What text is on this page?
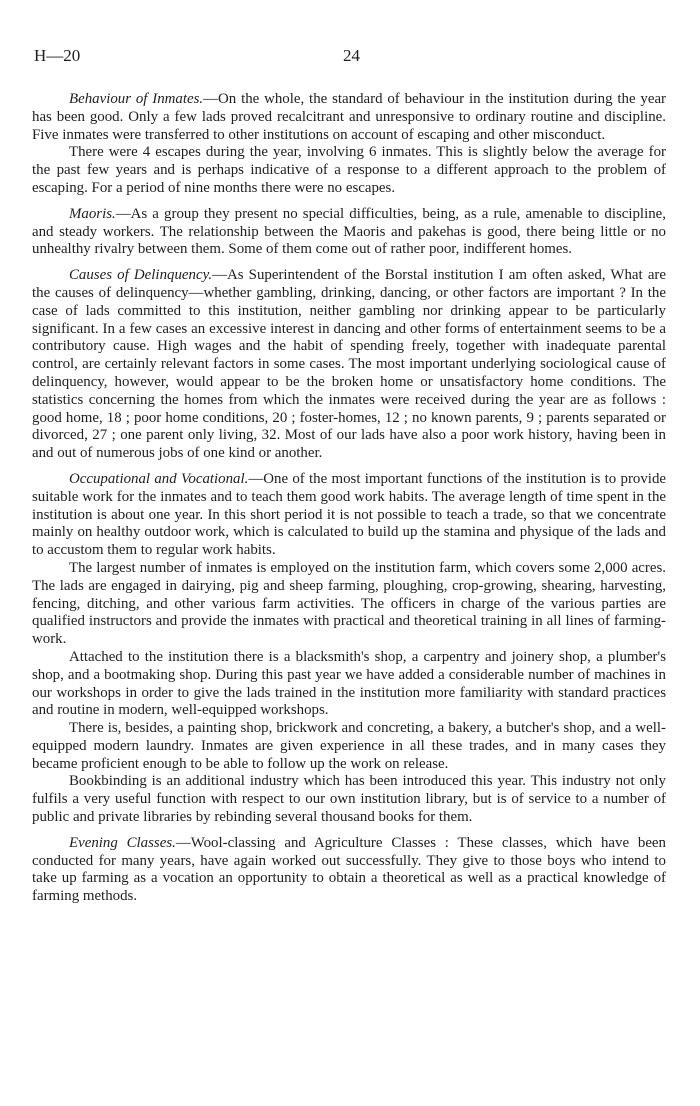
H—20	24

Behaviour of Inmates.—On the whole, the standard of behaviour in the institution during the year has been good. Only a few lads proved recalcitrant and unresponsive to ordinary routine and discipline. Five inmates were transferred to other institutions on account of escaping and other misconduct.

There were 4 escapes during the year, involving 6 inmates. This is slightly below the average for the past few years and is perhaps indicative of a response to a different approach to the problem of escaping. For a period of nine months there were no escapes.

Maoris.—As a group they present no special difficulties, being, as a rule, amenable to discipline, and steady workers. The relationship between the Maoris and pakehas is good, there being little or no unhealthy rivalry between them. Some of them come out of rather poor, indifferent homes.

Causes of Delinquency.—As Superintendent of the Borstal institution I am often asked, What are the causes of delinquency—whether gambling, drinking, dancing, or other factors are important ? In the case of lads committed to this institution, neither gambling nor drinking appear to be particularly significant. In a few cases an excessive interest in dancing and other forms of entertainment seems to be a contributory cause. High wages and the habit of spending freely, together with inadequate parental control, are certainly relevant factors in some cases. The most important underlying sociological cause of delinquency, however, would appear to be the broken home or unsatisfactory home conditions. The statistics concerning the homes from which the inmates were received during the year are as follows : good home, 18 ; poor home conditions, 20 ; foster-homes, 12 ; no known parents, 9 ; parents separated or divorced, 27 ; one parent only living, 32. Most of our lads have also a poor work history, having been in and out of numerous jobs of one kind or another.

Occupational and Vocational.—One of the most important functions of the institution is to provide suitable work for the inmates and to teach them good work habits. The average length of time spent in the institution is about one year. In this short period it is not possible to teach a trade, so that we concentrate mainly on healthy outdoor work, which is calculated to build up the stamina and physique of the lads and to accustom them to regular work habits.

The largest number of inmates is employed on the institution farm, which covers some 2,000 acres. The lads are engaged in dairying, pig and sheep farming, ploughing, crop-growing, shearing, harvesting, fencing, ditching, and other various farm activities. The officers in charge of the various parties are qualified instructors and provide the inmates with practical and theoretical training in all lines of farming-work.

Attached to the institution there is a blacksmith's shop, a carpentry and joinery shop, a plumber's shop, and a bootmaking shop. During this past year we have added a considerable number of machines in our workshops in order to give the lads trained in the institution more familiarity with standard practices and routine in modern, well-equipped workshops.

There is, besides, a painting shop, brickwork and concreting, a bakery, a butcher's shop, and a well-equipped modern laundry. Inmates are given experience in all these trades, and in many cases they became proficient enough to be able to follow up the work on release.

Bookbinding is an additional industry which has been introduced this year. This industry not only fulfils a very useful function with respect to our own institution library, but is of service to a number of public and private libraries by rebinding several thousand books for them.

Evening Classes.—Wool-classing and Agriculture Classes : These classes, which have been conducted for many years, have again worked out successfully. They give to those boys who intend to take up farming as a vocation an opportunity to obtain a theoretical as well as a practical knowledge of farming methods.
